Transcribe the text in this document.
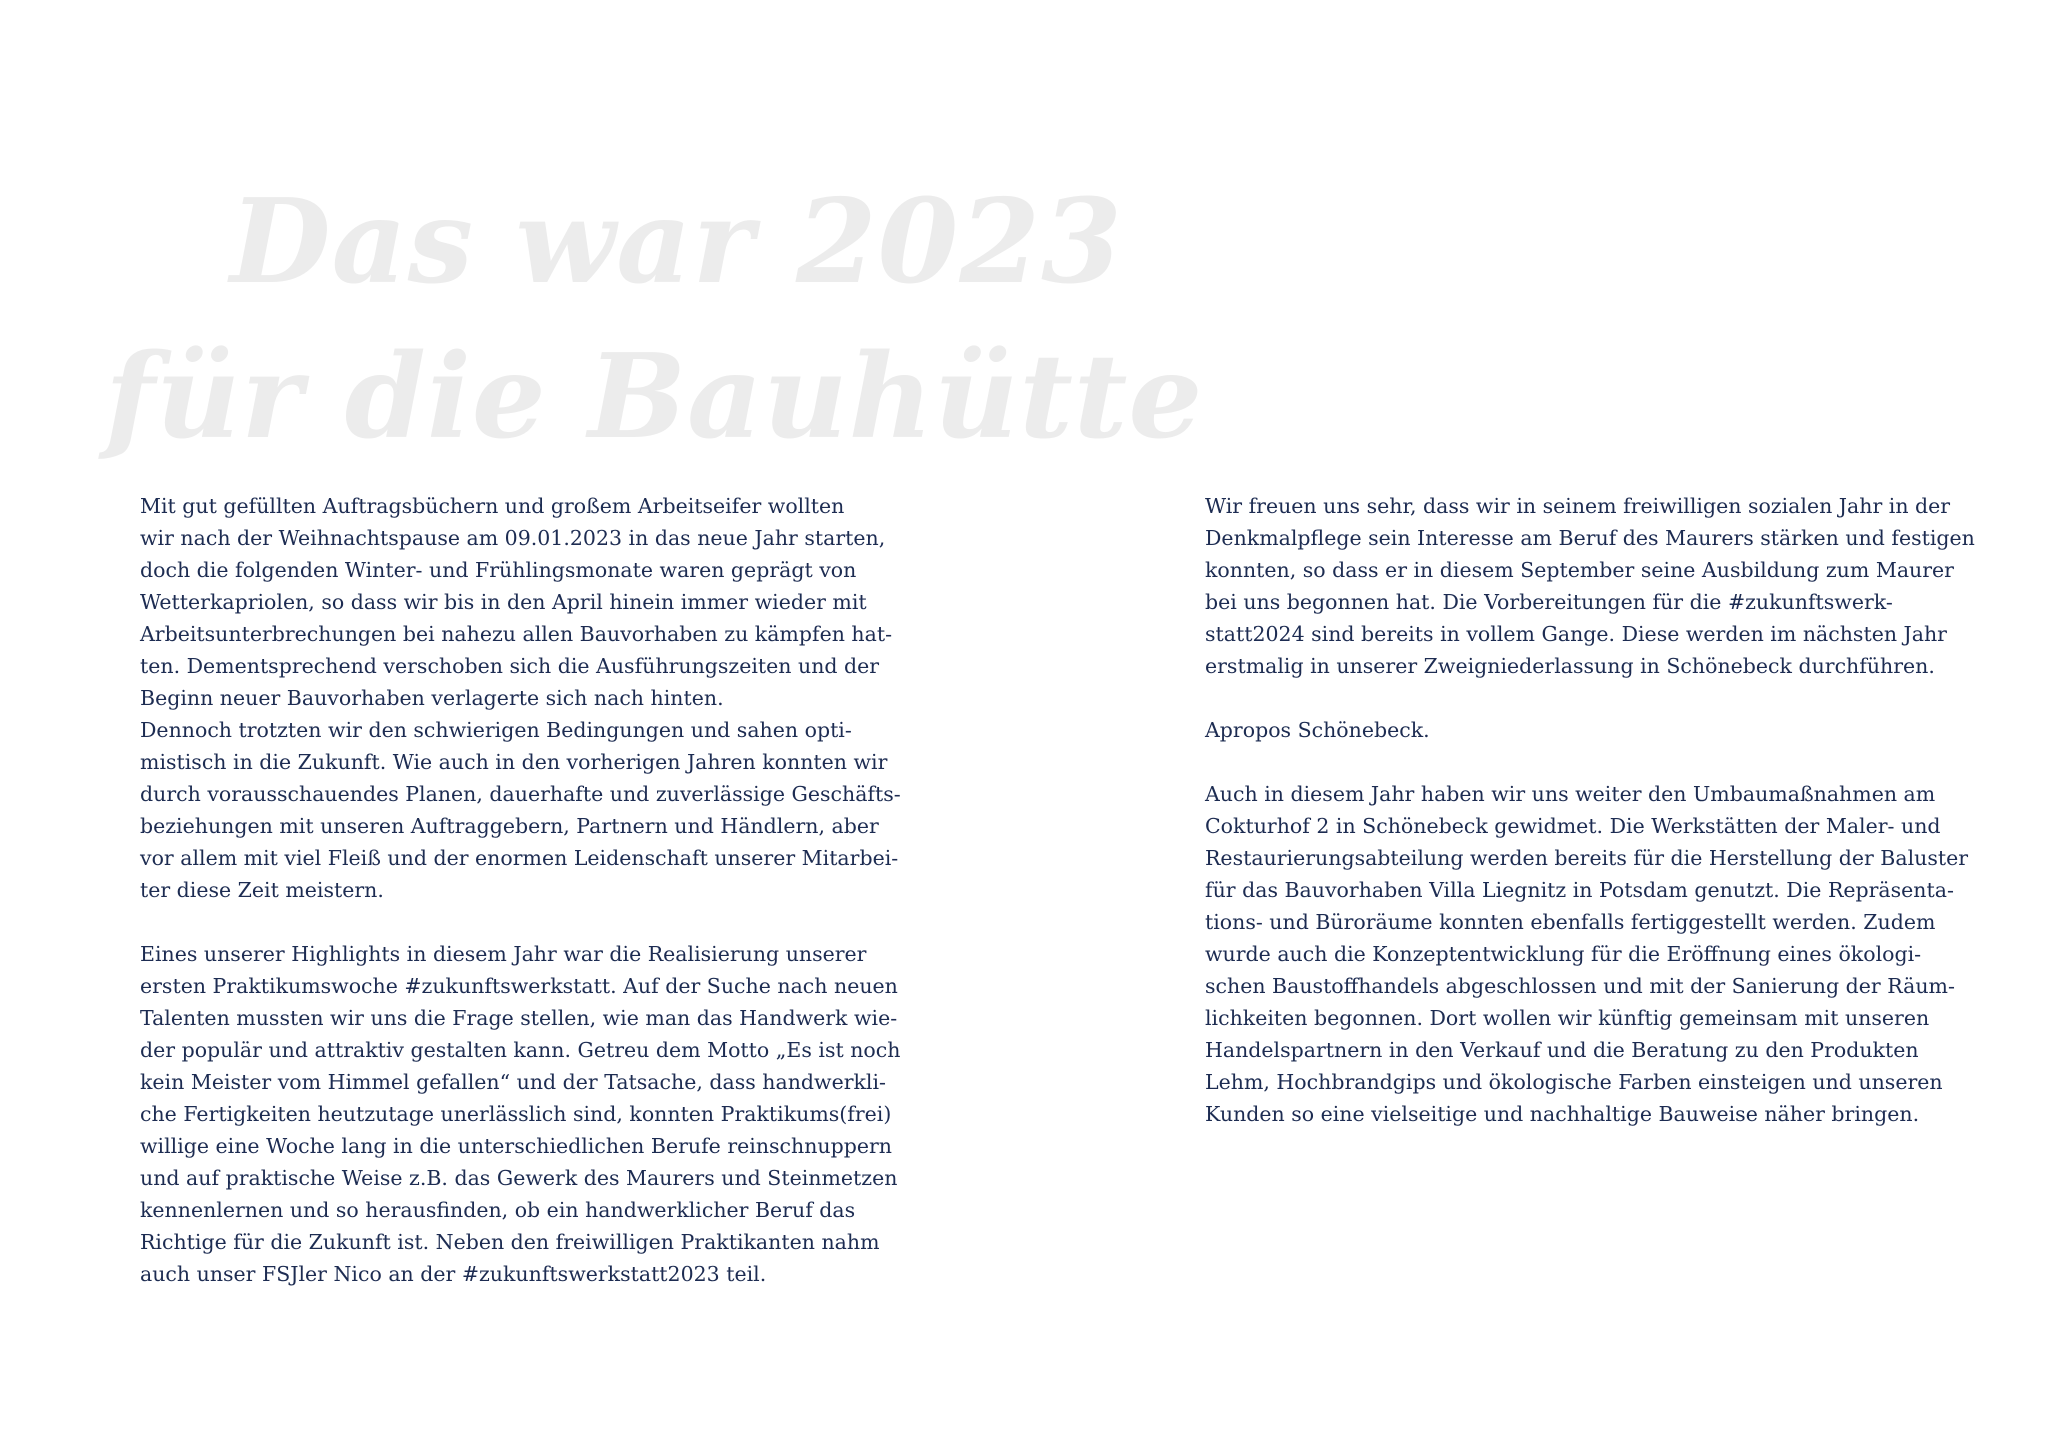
Das war 2023
für die Bauhütte
Mit gut gefüllten Auftragsbüchern und großem Arbeitseifer wollten
wir nach der Weihnachtspause am 09.01.2023 in das neue Jahr starten,
doch die folgenden Winter- und Frühlingsmonate waren geprägt von
Wetterkapriolen, so dass wir bis in den April hinein immer wieder mit
Arbeitsunterbrechungen bei nahezu allen Bauvorhaben zu kämpfen hat-
ten. Dementsprechend verschoben sich die Ausführungszeiten und der
Beginn neuer Bauvorhaben verlagerte sich nach hinten.
Dennoch trotzten wir den schwierigen Bedingungen und sahen opti-
mistisch in die Zukunft. Wie auch in den vorherigen Jahren konnten wir
durch vorausschauendes Planen, dauerhafte und zuverlässige Geschäfts-
beziehungen mit unseren Auftraggebern, Partnern und Händlern, aber
vor allem mit viel Fleiß und der enormen Leidenschaft unserer Mitarbei-
ter diese Zeit meistern.
Eines unserer Highlights in diesem Jahr war die Realisierung unserer
ersten Praktikumswoche #zukunftswerkstatt. Auf der Suche nach neuen
Talenten mussten wir uns die Frage stellen, wie man das Handwerk wie-
der populär und attraktiv gestalten kann. Getreu dem Motto „Es ist noch
kein Meister vom Himmel gefallen“ und der Tatsache, dass handwerkli-
che Fertigkeiten heutzutage unerlässlich sind, konnten Praktikums(frei)
willige eine Woche lang in die unterschiedlichen Berufe reinschnuppern
und auf praktische Weise z.B. das Gewerk des Maurers und Steinmetzen
kennenlernen und so herausfinden, ob ein handwerklicher Beruf das
Richtige für die Zukunft ist. Neben den freiwilligen Praktikanten nahm
auch unser FSJler Nico an der #zukunftswerkstatt2023 teil.
Wir freuen uns sehr, dass wir in seinem freiwilligen sozialen Jahr in der
Denkmalpflege sein Interesse am Beruf des Maurers stärken und festigen
konnten, so dass er in diesem September seine Ausbildung zum Maurer
bei uns begonnen hat. Die Vorbereitungen für die #zukunftswerk-
statt2024 sind bereits in vollem Gange. Diese werden im nächsten Jahr
erstmalig in unserer Zweigniederlassung in Schönebeck durchführen.
Apropos Schönebeck.
Auch in diesem Jahr haben wir uns weiter den Umbaumaßnahmen am
Cokturhof 2 in Schönebeck gewidmet. Die Werkstätten der Maler- und
Restaurierungsabteilung werden bereits für die Herstellung der Baluster
für das Bauvorhaben Villa Liegnitz in Potsdam genutzt. Die Repräsenta-
tions- und Büroräume konnten ebenfalls fertiggestellt werden. Zudem
wurde auch die Konzeptentwicklung für die Eröffnung eines ökologi-
schen Baustoffhandels abgeschlossen und mit der Sanierung der Räum-
lichkeiten begonnen. Dort wollen wir künftig gemeinsam mit unseren
Handelspartnern in den Verkauf und die Beratung zu den Produkten
Lehm, Hochbrandgips und ökologische Farben einsteigen und unseren
Kunden so eine vielseitige und nachhaltige Bauweise näher bringen.
